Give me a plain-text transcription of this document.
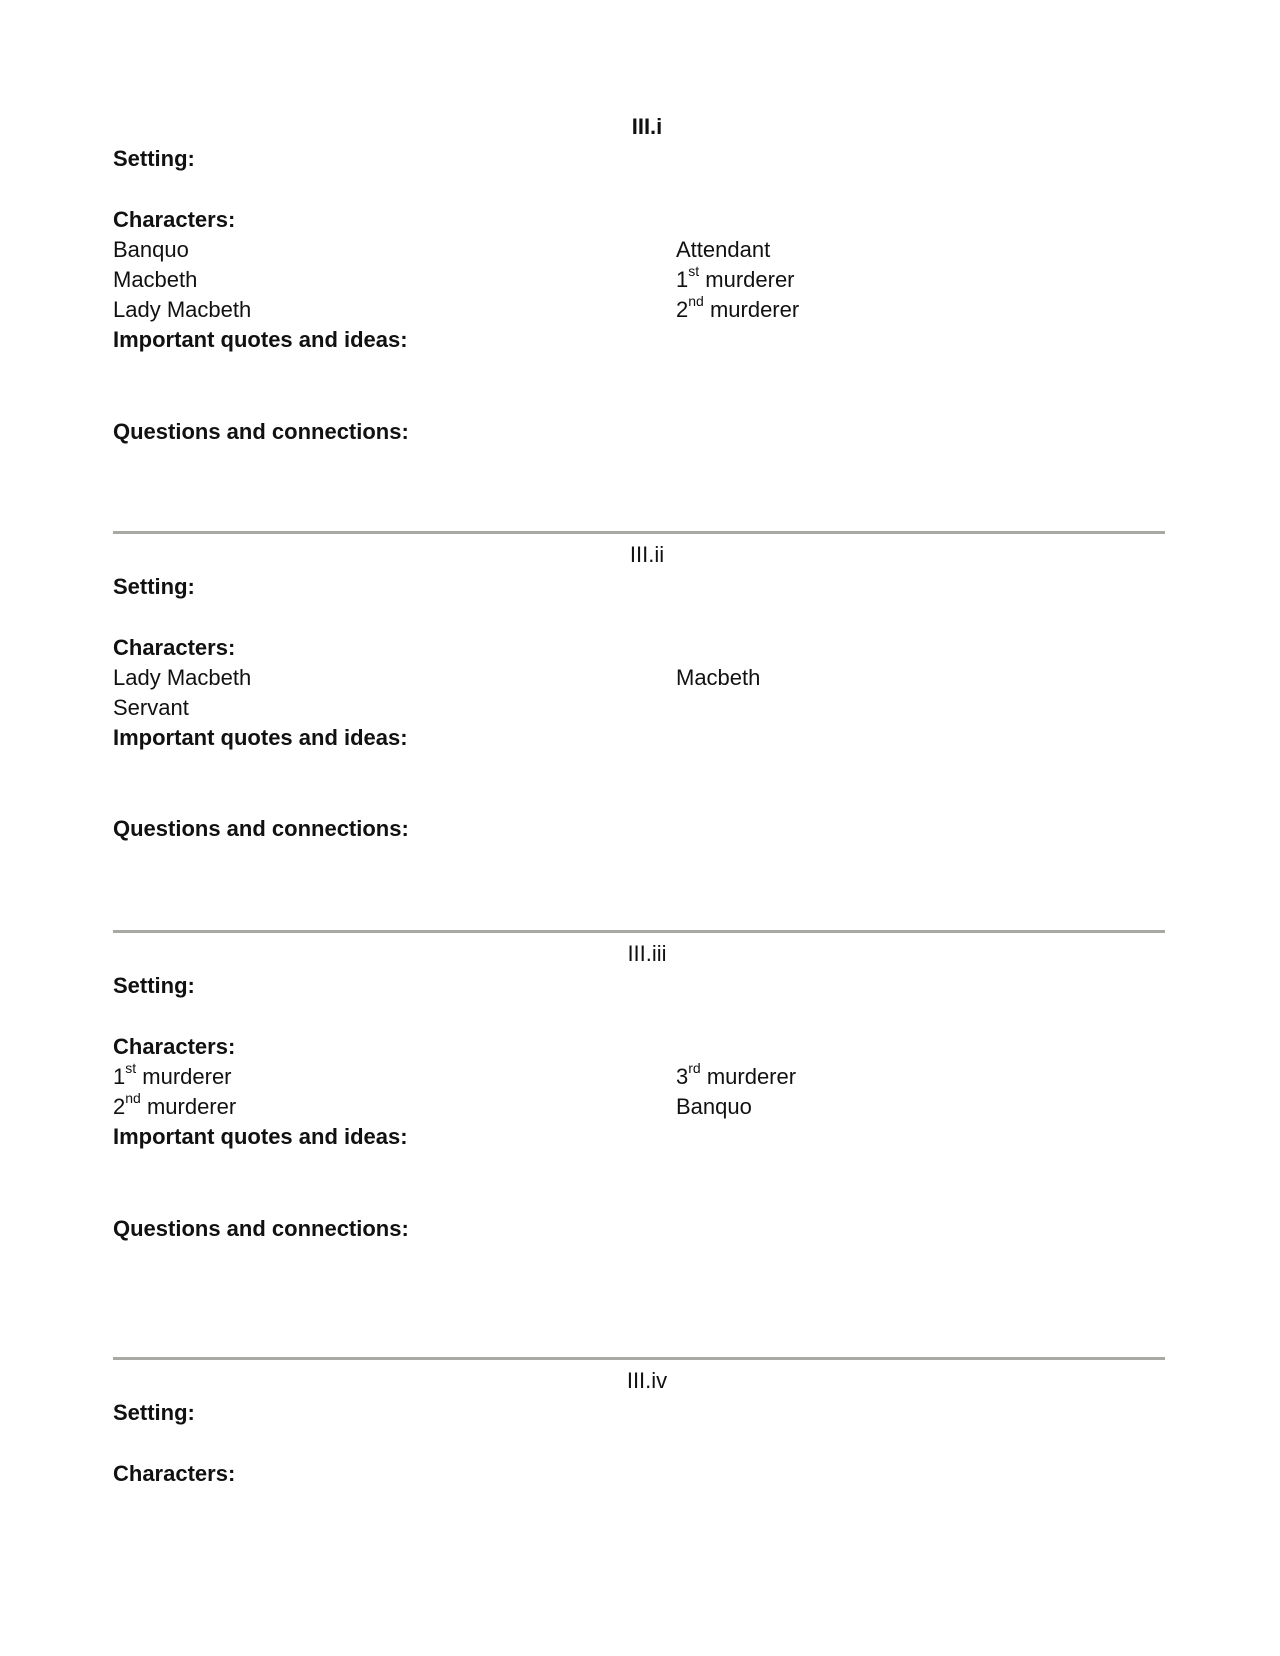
III.i
Setting:
Characters:
Banquo
Macbeth
Lady Macbeth
Attendant
1st murderer
2nd murderer
Important quotes and ideas:
Questions and connections:
III.ii
Setting:
Characters:
Lady Macbeth
Servant
Macbeth
Important quotes and ideas:
Questions and connections:
III.iii
Setting:
Characters:
1st murderer
2nd murderer
3rd murderer
Banquo
Important quotes and ideas:
Questions and connections:
III.iv
Setting:
Characters:
